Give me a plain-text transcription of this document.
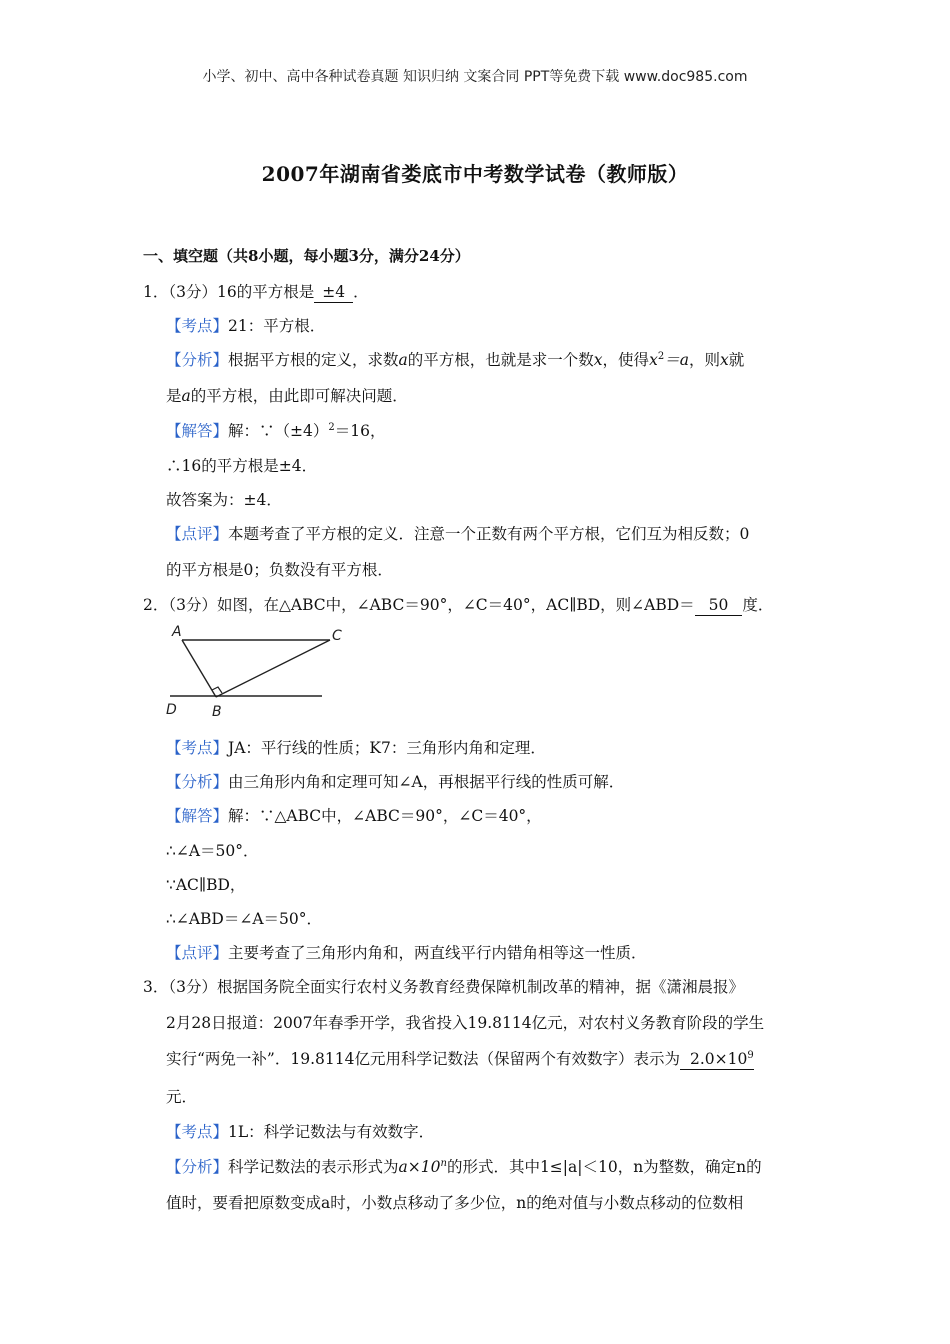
小学、初中、高中各种试卷真题 知识归纳 文案合同 PPT等免费下载 www.doc985.com
2007年湖南省娄底市中考数学试卷（教师版）
一、填空题（共8小题，每小题3分，满分24分）
1．（3分）16的平方根是 ±4 ．
【考点】21：平方根．
【分析】根据平方根的定义，求数a的平方根，也就是求一个数x，使得$x^2=a$，则x就
是a的平方根，由此即可解决问题．
【解答】解：$\because(\pm 4)^2=16$，
∴16的平方根是±4．
故答案为：±4．
【点评】本题考查了平方根的定义．注意一个正数有两个平方根，它们互为相反数；0
的平方根是0；负数没有平方根．
2．（3分）如图，在△ABC中，∠ABC＝90°，∠C＝40°，AC∥BD，则∠ABD＝ 50 度．
A	C
D	B
【考点】JA：平行线的性质；K7：三角形内角和定理．
【分析】由三角形内角和定理可知∠A，再根据平行线的性质可解．
【解答】解：∵△ABC中，∠ABC＝90°，∠C＝40°，
∴∠A＝50°．
∵AC∥BD，
∴∠ABD＝∠A＝50°．
【点评】主要考查了三角形内角和，两直线平行内错角相等这一性质．
3．（3分）根据国务院全面实行农村义务教育经费保障机制改革的精神，据《潇湘晨报》
2月28日报道：2007年春季开学，我省投入19.8114亿元，对农村义务教育阶段的学生
实行“两免一补”．19.8114亿元用科学记数法（保留两个有效数字）表示为 $2.0\times 10^9$
元．
【考点】1L：科学记数法与有效数字．
【分析】科学记数法的表示形式为$a\times 10^n$的形式．其中1≤|a|＜10，n为整数，确定n的
值时，要看把原数变成a时，小数点移动了多少位，n的绝对值与小数点移动的位数相
